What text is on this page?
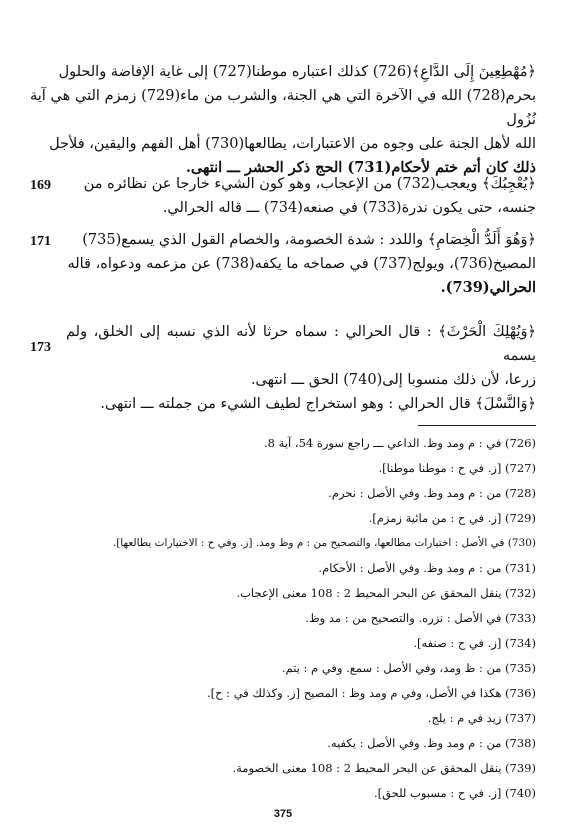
﴿مُهْطِعِينَ إِلَى الدَّاعِ﴾(726) كذلك اعتباره موطنا(727) إلى غاية الإفاضة والحلول
بحرم(728) الله في الآخرة التي هي الجنة، والشرب من ماء(729) زمزم التي هي آية نُزُول
الله لأهل الجنة على وجوه من الاعتبارات، يطالعها(730) أهل الفهم واليقين، فلأجل
ذلك كان أتم ختم لأحكام(731) الحج ذكر الحشر ـــ انتهى.
169	﴿يُعْجِبُكَ﴾ ويعجب(732) من الإعجاب، وهو كون الشيء خارجا عن نظائره من
جنسه، حتى يكون ندرة(733) في صنعه(734) ـــ قاله الحرالي.
171	﴿وَهُوَ أَلَدُّ الْخِصَامِ﴾ واللدد : شدة الخصومة، والخصام القول الذي يسمع(735)
المصيخ(736)، ويولج(737) في صماخه ما يكفه(738) عن مزعمه ودعواه، قاله
الحرالي(739).
173
﴿وَيُهْلِكَ الْحَرْثَ﴾ : قال الحرالي : سماه حرثا لأنه الذي نسبه إلى الخلق، ولم يسمه
زرعا، لأن ذلك منسوبا إلى(740) الحق ـــ انتهى.
﴿وَالنَّسْلَ﴾ قال الحرالي : وهو استخراج لطيف الشيء من جملته ـــ انتهى.
(726) في : م ومد وظ. الداعي ـــ راجع سورة 54، آية 8.
(727) [ز. في ح : موطنا موطنا].
(728) من : م ومد وظ. وفي الأصل : نحرم.
(729) [ز. في ح : من مائية زمزم].
(730) في الأصل : اختيارات مطالعها، والتصحيح من : م وظ ومد. [ز. وفي ح : الاختيارات يطالعها].
(731) من : م ومد وظ. وفي الأصل : الأحكام.
(732) ينقل المحقق عن البحر المحيط 2 : 108 معنى الإعجاب.
(733) في الأصل : نزره. والتصحيح من : مد وظ.
(734) [ز. في ح : صنفه].
(735) من : ظ ومد، وفي الأصل : سمع. وفي م : يتم.
(736) هكذا في الأصل، وفي م ومد وظ : المصيح [ز. وكذلك في : ح].
(737) زيد في م : يلج.
(738) من : م ومد وظ. وفي الأصل : يكفيه.
(739) ينقل المحقق عن البحر المحيط 2 : 108 معنى الخصومة.
(740) [ز. في ح : مسبوب للحق].
375
